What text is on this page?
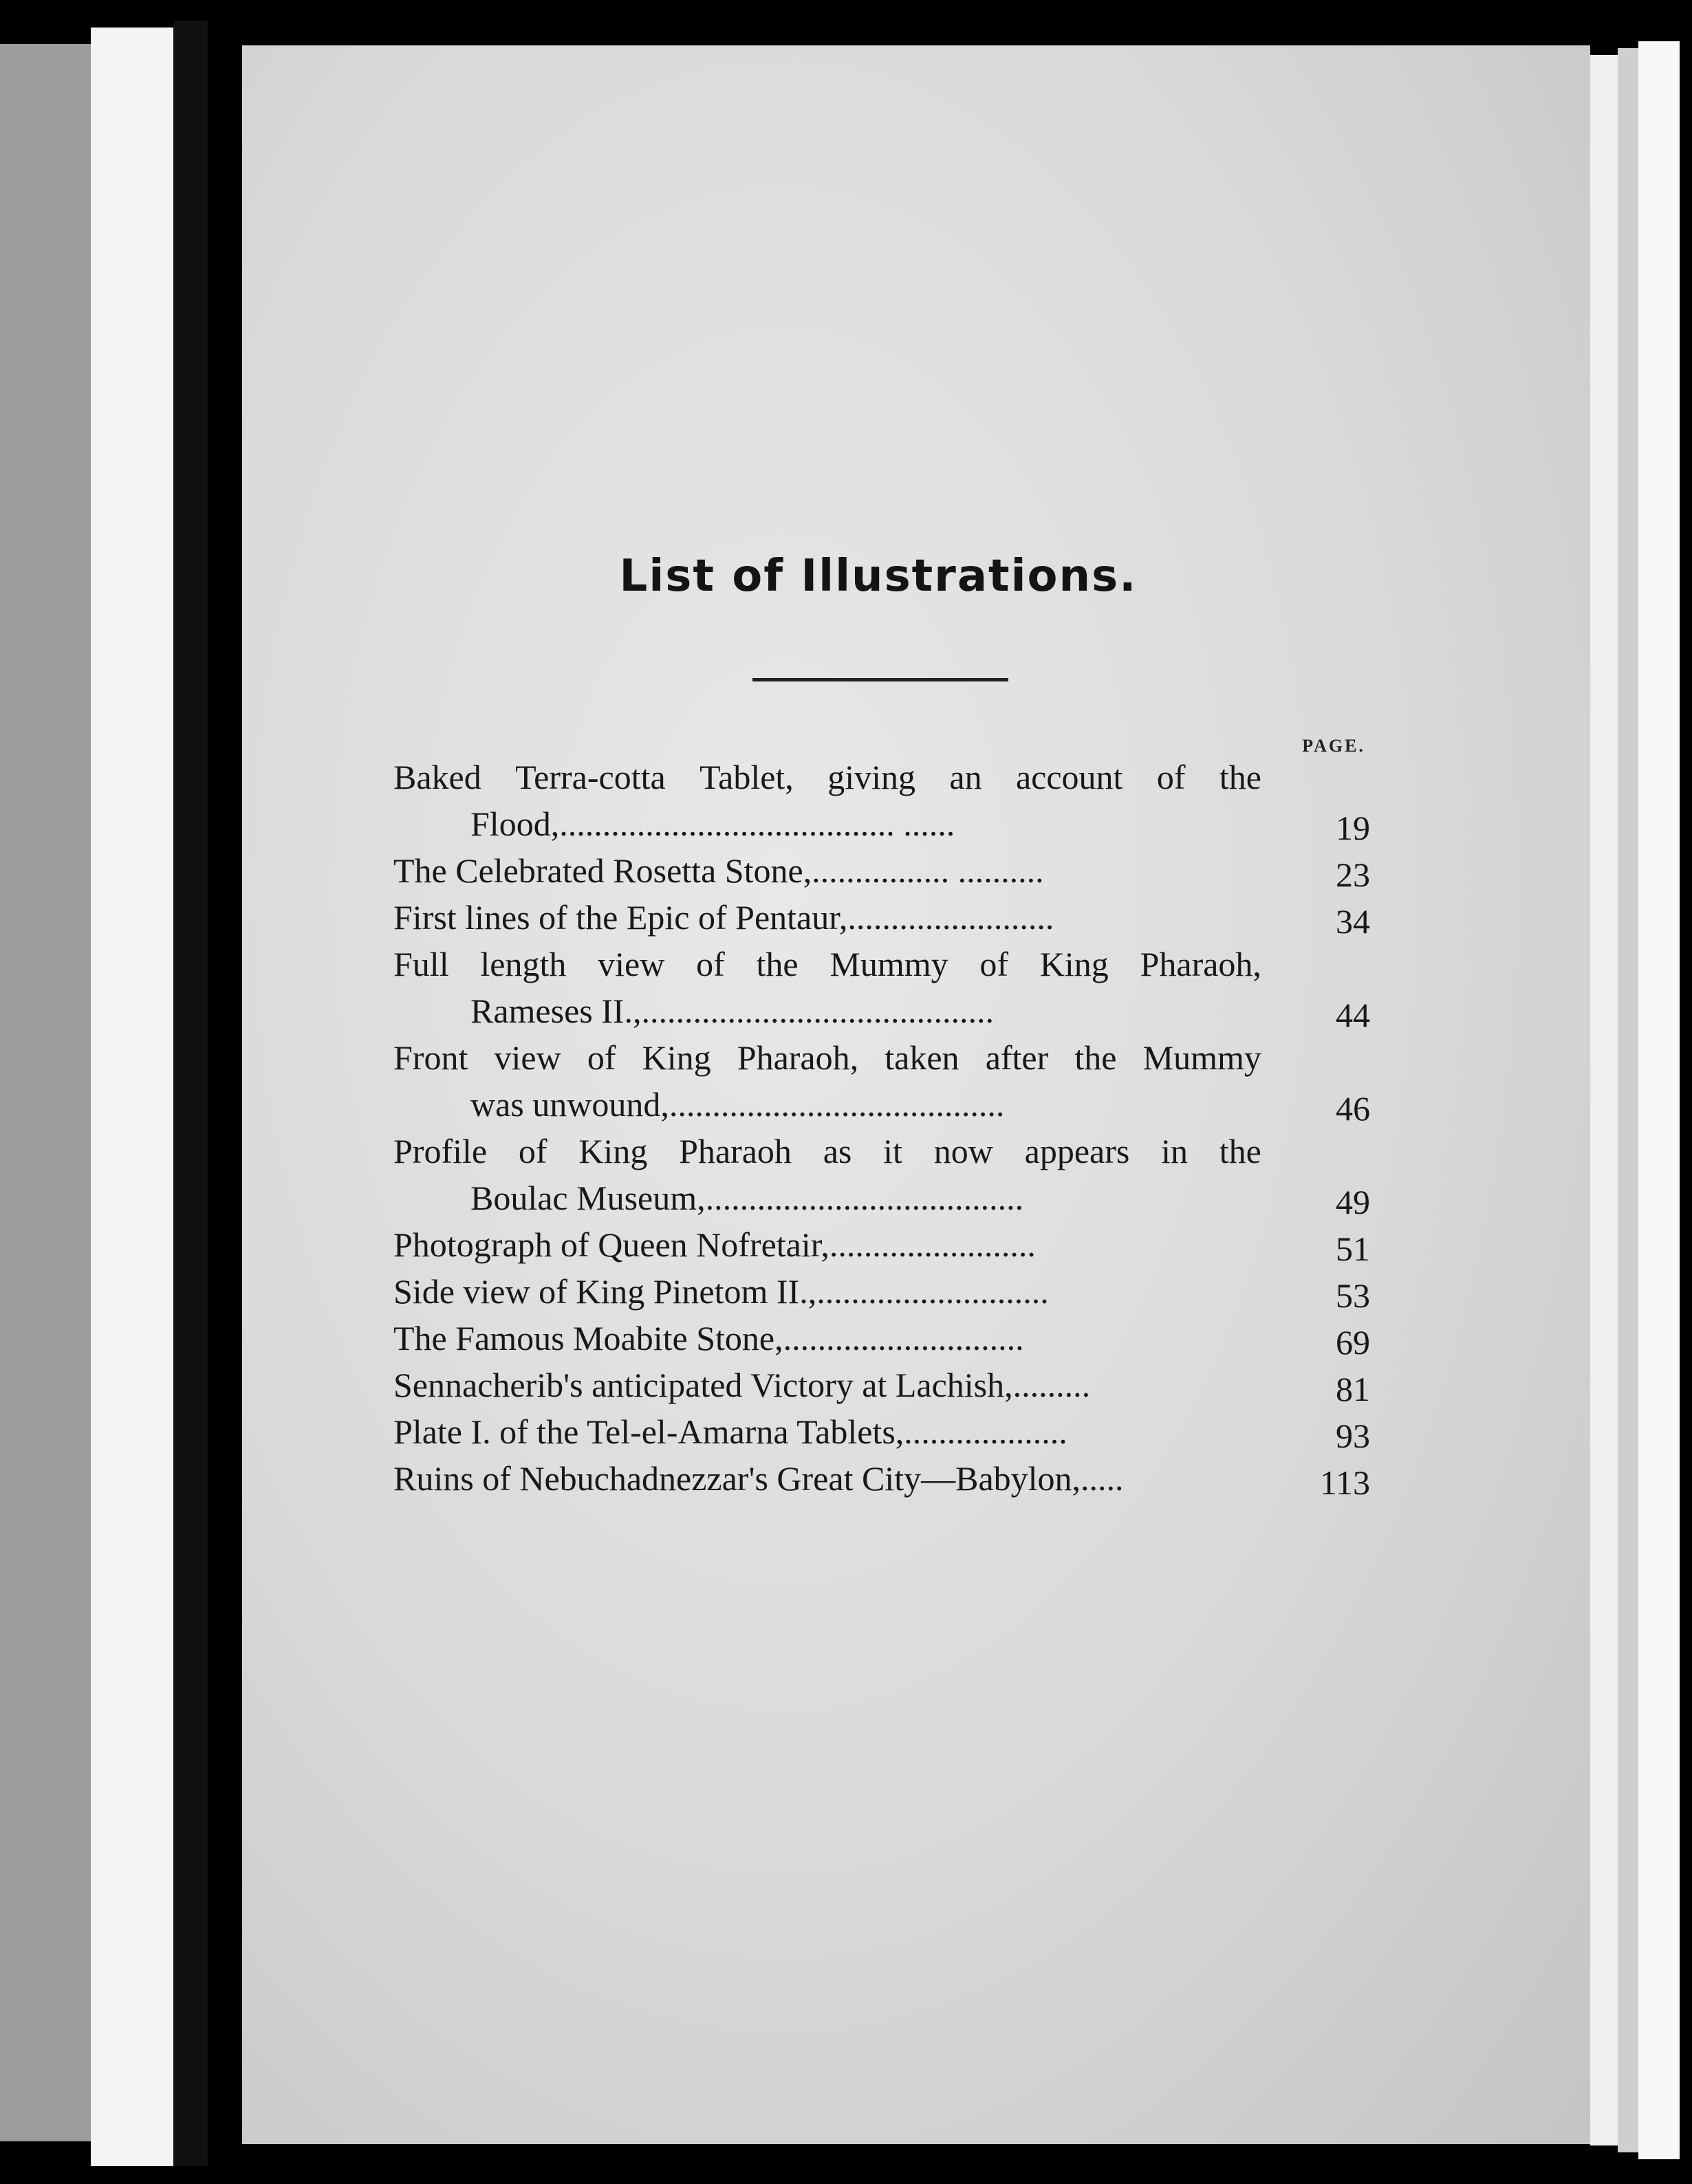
List of Illustrations.
PAGE.
Baked Terra-cotta Tablet, giving an account of the
Flood,....................................... ......	19
The Celebrated Rosetta Stone,................ ..........	23
First lines of the Epic of Pentaur,........................	34
Full length view of the Mummy of King Pharaoh,
Rameses II.,.........................................	44
Front view of King Pharaoh, taken after the Mummy
was unwound,.......................................	46
Profile of King Pharaoh as it now appears in the
Boulac Museum,.....................................	49
Photograph of Queen Nofretair,........................	51
Side view of King Pinetom II.,...........................	53
The Famous Moabite Stone,............................	69
Sennacherib's anticipated Victory at Lachish,.........	81
Plate I. of the Tel-el-Amarna Tablets,...................	93
Ruins of Nebuchadnezzar's Great City—Babylon,.....	113
